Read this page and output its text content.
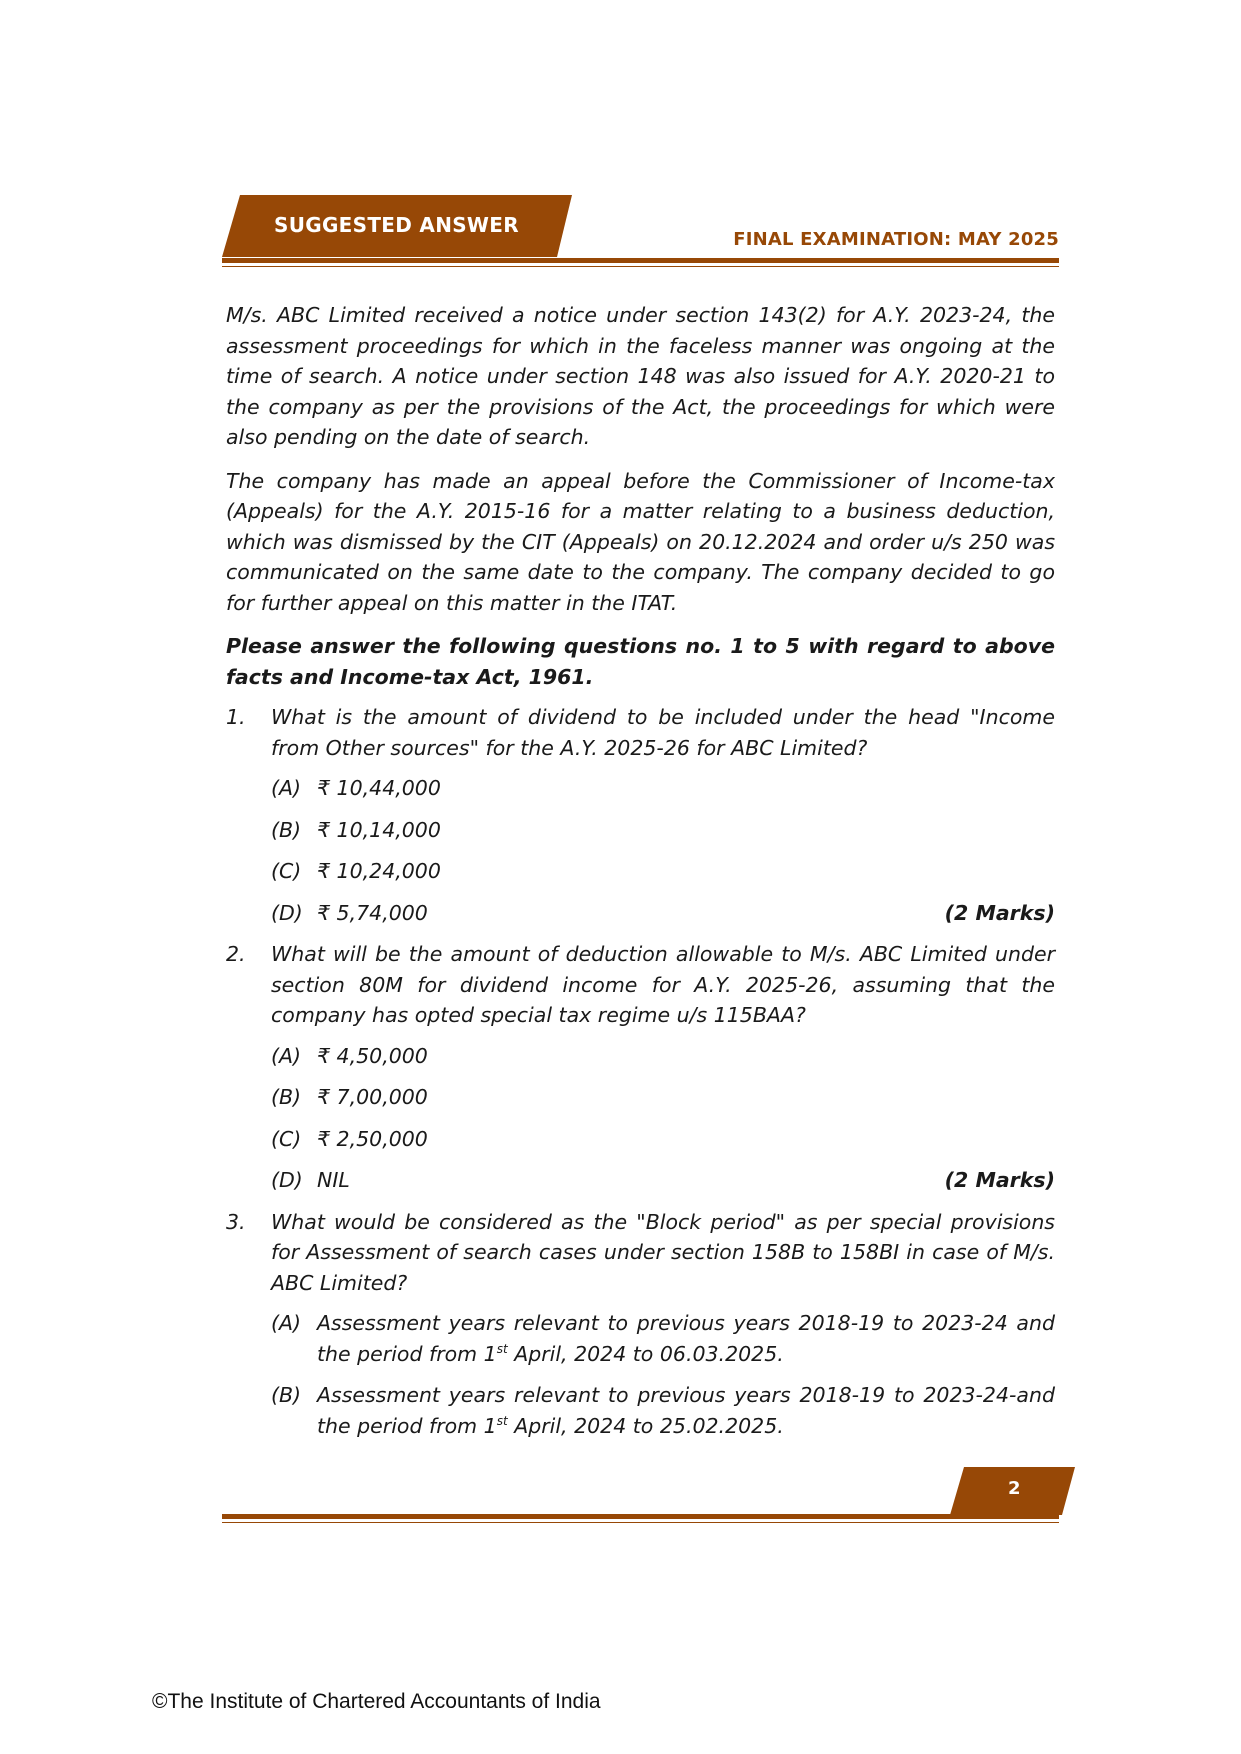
SUGGESTED ANSWER
FINAL EXAMINATION: MAY 2025

M/s. ABC Limited received a notice under section 143(2) for A.Y. 2023-24, the assessment proceedings for which in the faceless manner was ongoing at the time of search. A notice under section 148 was also issued for A.Y. 2020-21 to the company as per the provisions of the Act, the proceedings for which were also pending on the date of search.

The company has made an appeal before the Commissioner of Income-tax (Appeals) for the A.Y. 2015-16 for a matter relating to a business deduction, which was dismissed by the CIT (Appeals) on 20.12.2024 and order u/s 250 was communicated on the same date to the company. The company decided to go for further appeal on this matter in the ITAT.

Please answer the following questions no. 1 to 5 with regard to above facts and Income-tax Act, 1961.

1.	What is the amount of dividend to be included under the head "Income from Other sources" for the A.Y. 2025-26 for ABC Limited?
(A) ₹ 10,44,000
(B) ₹ 10,14,000
(C) ₹ 10,24,000
(D) ₹ 5,74,000	(2 Marks)
2.	What will be the amount of deduction allowable to M/s. ABC Limited under section 80M for dividend income for A.Y. 2025-26, assuming that the company has opted special tax regime u/s 115BAA?
(A) ₹ 4,50,000
(B) ₹ 7,00,000
(C) ₹ 2,50,000
(D) NIL	(2 Marks)
3.	What would be considered as the "Block period" as per special provisions for Assessment of search cases under section 158B to 158BI in case of M/s. ABC Limited?
(A) Assessment years relevant to previous years 2018-19 to 2023-24 and the period from 1st April, 2024 to 06.03.2025.
(B) Assessment years relevant to previous years 2018-19 to 2023-24-and the period from 1st April, 2024 to 25.02.2025.
2
©The Institute of Chartered Accountants of India
